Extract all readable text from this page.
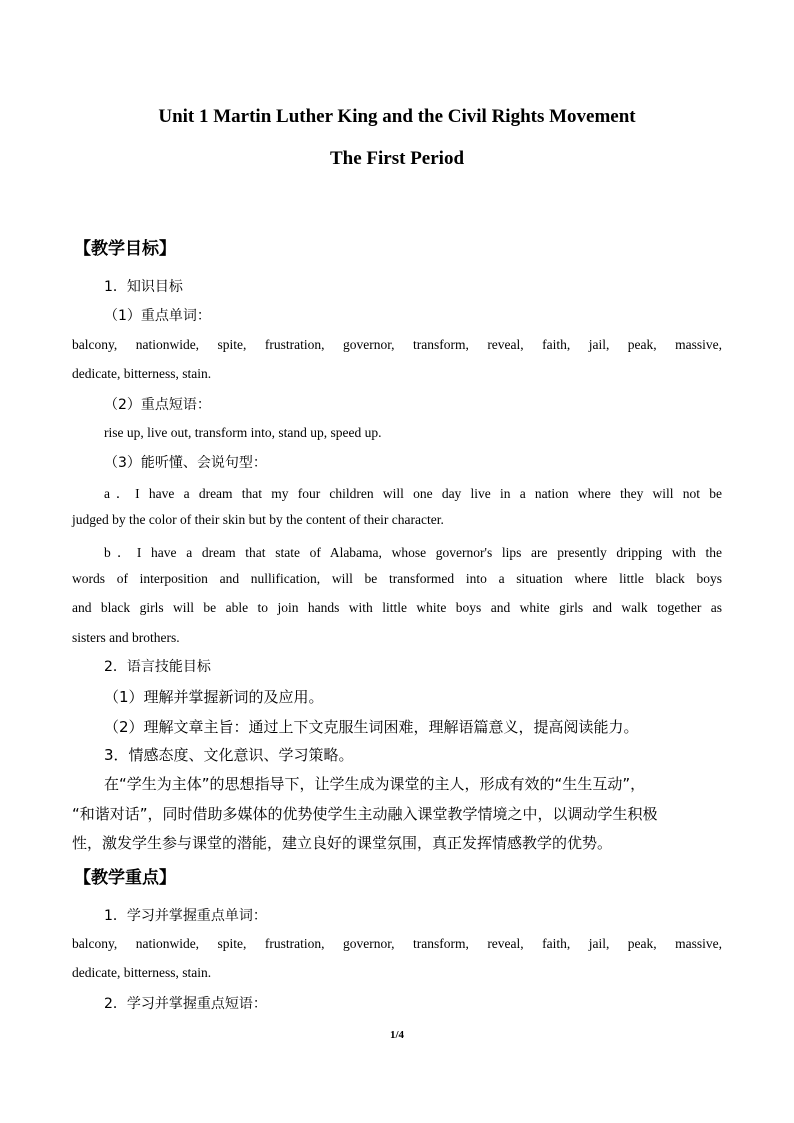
Unit 1 Martin Luther King and the Civil Rights Movement
The First Period
【教学目标】
1．知识目标
（1）重点单词：
balcony, nationwide, spite, frustration, governor, transform, reveal, faith, jail, peak, massive,
dedicate, bitterness, stain.
（2）重点短语：
rise up, live out, transform into, stand up, speed up.
（3）能听懂、会说句型：
a．I have a dream that my four children will one day live in a nation where they will not be
judged by the color of their skin but by the content of their character.
b．I have a dream that state of Alabama, whose governor's lips are presently dripping with the
words of interposition and nullification, will be transformed into a situation where little black boys
and black girls will be able to join hands with little white boys and white girls and walk together as
sisters and brothers.
2．语言技能目标
（1）理解并掌握新词的及应用。
（2）理解文章主旨：通过上下文克服生词困难，理解语篇意义，提高阅读能力。
3．情感态度、文化意识、学习策略。
在“学生为主体”的思想指导下，让学生成为课堂的主人，形成有效的“生生互动”，
“和谐对话”，同时借助多媒体的优势使学生主动融入课堂教学情境之中，以调动学生积极
性，激发学生参与课堂的潜能，建立良好的课堂氛围，真正发挥情感教学的优势。
【教学重点】
1．学习并掌握重点单词：
balcony, nationwide, spite, frustration, governor, transform, reveal, faith, jail, peak, massive,
dedicate, bitterness, stain.
2．学习并掌握重点短语：
1/4
